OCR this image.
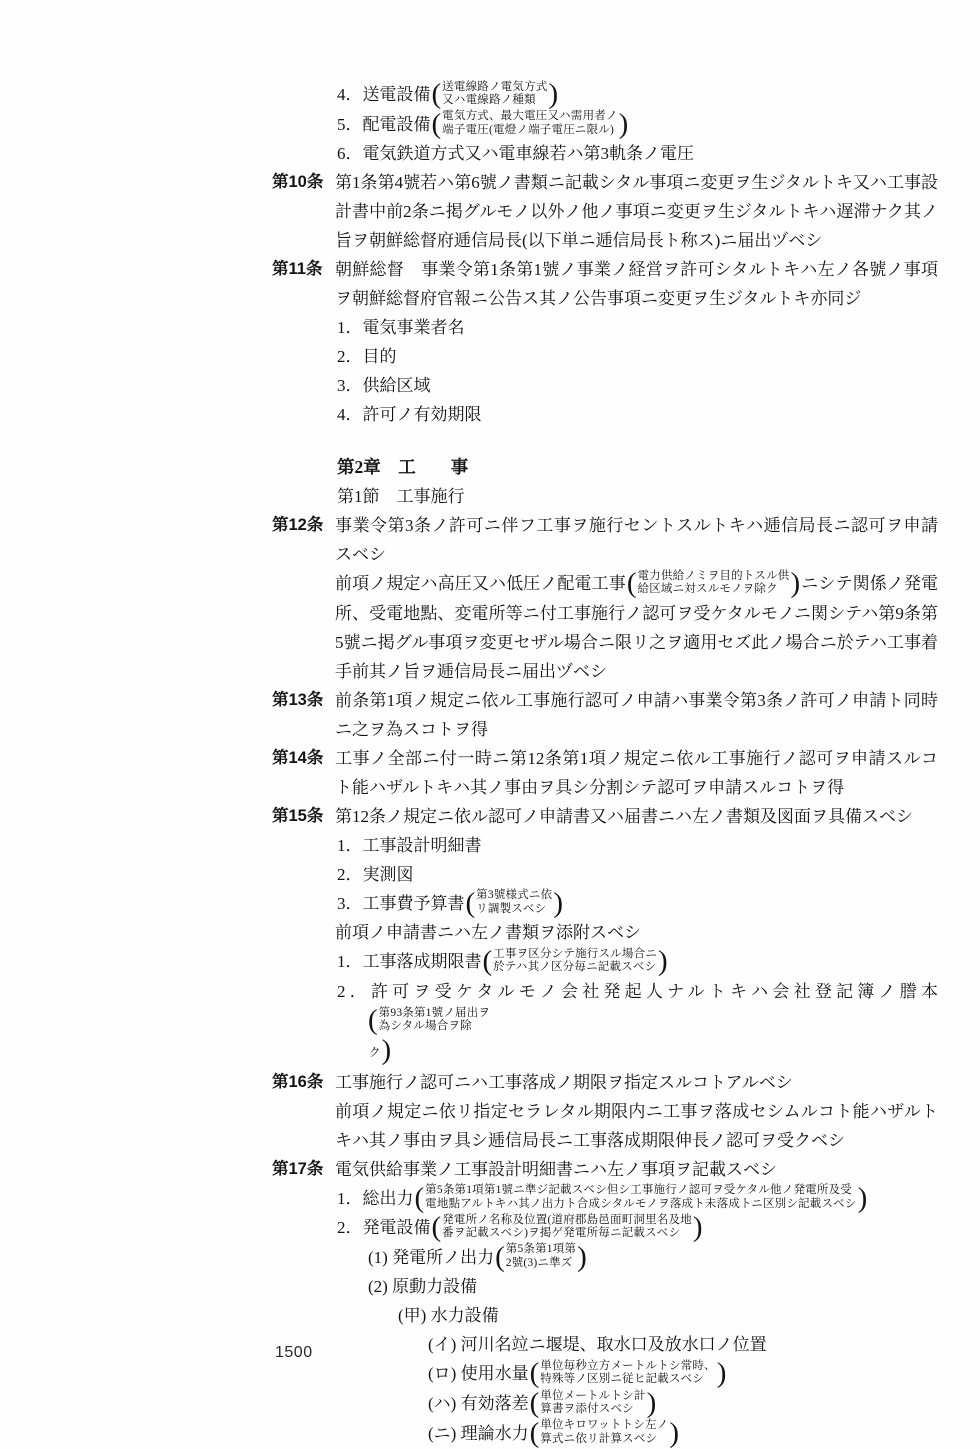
4．送電設備 ( 送電線路ノ電気方式
又ハ電線路ノ種類 )
5．配電設備 ( 電気方式、最大電圧又ハ需用者ノ
端子電圧(電燈ノ端子電圧ニ限ル) )
6．電気鉄道方式又ハ電車線若ハ第3軌条ノ電圧
第10条 第1条第4號若ハ第6號ノ書類ニ記載シタル事項ニ変更ヲ生ジタルトキ又ハ工事設計書中前2条ニ掲グルモノ以外ノ他ノ事項ニ変更ヲ生ジタルトキハ遅滞ナク其ノ旨ヲ朝鮮総督府逓信局長(以下単ニ逓信局長ト称ス)ニ届出ヅベシ
第11条 朝鮮総督　事業令第1条第1號ノ事業ノ経営ヲ許可シタルトキハ左ノ各號ノ事項ヲ朝鮮総督府官報ニ公告ス其ノ公告事項ニ変更ヲ生ジタルトキ亦同ジ
1．電気事業者名
2．目的
3．供給区域
4．許可ノ有効期限
第2章　工　　事
第1節　工事施行
第12条 事業令第3条ノ許可ニ伴フ工事ヲ施行セントスルトキハ逓信局長ニ認可ヲ申請スベシ
前項ノ規定ハ高圧又ハ低圧ノ配電工事 ( 電力供給ノミヲ目的トスル供
給区域ニ対スルモノヲ除ク ) ニシテ関係ノ発電所、受電地點、変電所等ニ付工事施行ノ認可ヲ受ケタルモノニ関シテハ第9条第5號ニ掲グル事項ヲ変更セザル場合ニ限リ之ヲ適用セズ此ノ場合ニ於テハ工事着手前其ノ旨ヲ逓信局長ニ届出ヅベシ
第13条 前条第1項ノ規定ニ依ル工事施行認可ノ申請ハ事業令第3条ノ許可ノ申請ト同時ニ之ヲ為スコトヲ得
第14条 工事ノ全部ニ付一時ニ第12条第1項ノ規定ニ依ル工事施行ノ認可ヲ申請スルコト能ハザルトキハ其ノ事由ヲ具シ分割シテ認可ヲ申請スルコトヲ得
第15条 第12条ノ規定ニ依ル認可ノ申請書又ハ届書ニハ左ノ書類及図面ヲ具備スベシ
1．工事設計明細書
2．実測図
3．工事費予算書 ( 第3號様式ニ依
リ調製スベシ )
前項ノ申請書ニハ左ノ書類ヲ添附スベシ
1．工事落成期限書 ( 工事ヲ区分シテ施行スル場合ニ
於テハ其ノ区分毎ニ記載スベシ )
2．許可ヲ受ケタルモノ会社発起人ナルトキハ会社登記簿ノ謄本
( 第93条第1號ノ届出ヲ
為シタル場合ヲ除
ク)
第16条 工事施行ノ認可ニハ工事落成ノ期限ヲ指定スルコトアルベシ
前項ノ規定ニ依リ指定セラレタル期限内ニ工事ヲ落成セシムルコト能ハザルトキハ其ノ事由ヲ具シ逓信局長ニ工事落成期限伸長ノ認可ヲ受クベシ
第17条 電気供給事業ノ工事設計明細書ニハ左ノ事項ヲ記載スベシ
1．総出力 ( 第5条第1項第1號ニ準ジ記載スベシ但シ工事施行ノ認可ヲ受ケタル他ノ発電所及受
電地點アルトキハ其ノ出力ト合成シタルモノヲ落成ト未落成トニ区別シ記載スベシ )
2．発電設備 ( 発電所ノ名称及位置(道府郡島邑面町洞里名及地
番ヲ記載スベシ)ヲ掲ゲ発電所毎ニ記載スベシ )
(1) 発電所ノ出力 ( 第5条第1項第
2號(3)ニ準ズ )
(2) 原動力設備
(甲) 水力設備
(イ) 河川名竝ニ堰堤、取水口及放水口ノ位置
(ロ) 使用水量 ( 単位毎秒立方メートルトシ常時、
特殊等ノ区別ニ従ヒ記載スベシ )
(ハ) 有効落差 ( 単位メートルトシ計
算書ヲ添付スベシ )
(ニ) 理論水力 ( 単位キロワットトシ左ノ
算式ニ依リ計算スベシ )
1500
